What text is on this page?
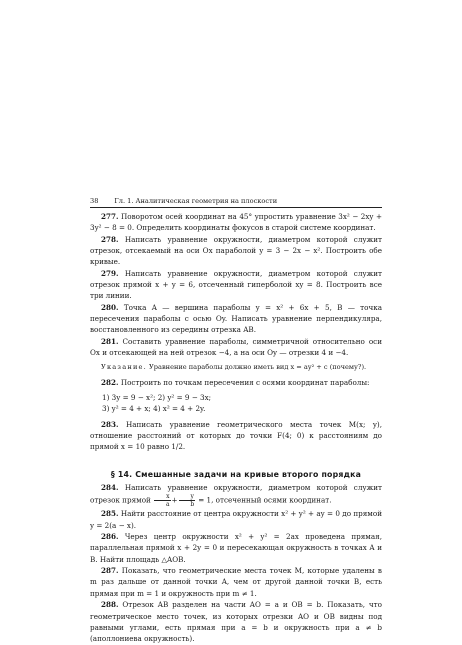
38 Гл. 1. Аналитическая геометрия на плоскости

277. Поворотом осей координат на 45° упростить уравнение 3x² − 2xy + 3y² − 8 = 0. Определить координаты фокусов в старой системе координат.

278. Написать уравнение окружности, диаметром которой служит отрезок, отсекаемый на оси Ox параболой y = 3 − 2x − x². Построить обе кривые.

279. Написать уравнение окружности, диаметром которой служит отрезок прямой x + y = 6, отсеченный гиперболой xy = 8. Построить все три линии.

280. Точка A — вершина параболы y = x² + 6x + 5, B — точка пересечения параболы с осью Oy. Написать уравнение перпендикуляра, восстановленного из середины отрезка AB.

281. Составить уравнение параболы, симметричной относительно оси Ox и отсекающей на ней отрезок −4, а на оси Oy — отрезки 4 и −4.

Указание. Уравнение параболы должно иметь вид x = ay² + c (почему?).

282. Построить по точкам пересечения с осями координат параболы:

1) 3y = 9 − x²; 2) y² = 9 − 3x;
3) y² = 4 + x; 4) x² = 4 + 2y.

283. Написать уравнение геометрического места точек M(x; y), отношение расстояний от которых до точки F(4; 0) к расстояниям до прямой x = 10 равно 1/2.

§ 14. Смешанные задачи на кривые второго порядка

284. Написать уравнение окружности, диаметром которой служит отрезок прямой $\frac{x}{a} + \frac{y}{b} = 1$, отсеченный осями координат.

285. Найти расстояние от центра окружности x² + y² + ay = 0 до прямой y = 2(a − x).

286. Через центр окружности x² + y² = 2ax проведена прямая, параллельная прямой x + 2y = 0 и пересекающая окружность в точках A и B. Найти площадь △AOB.

287. Показать, что геометрические места точек M, которые удалены в m раз дальше от данной точки A, чем от другой данной точки B, есть прямая при m = 1 и окружность при m ≠ 1.

288. Отрезок AB разделен на части AO = a и OB = b. Показать, что геометрическое место точек, из которых отрезки AO и OB видны под равными углами, есть прямая при a = b и окружность при a ≠ b (аполлониева окружность).
